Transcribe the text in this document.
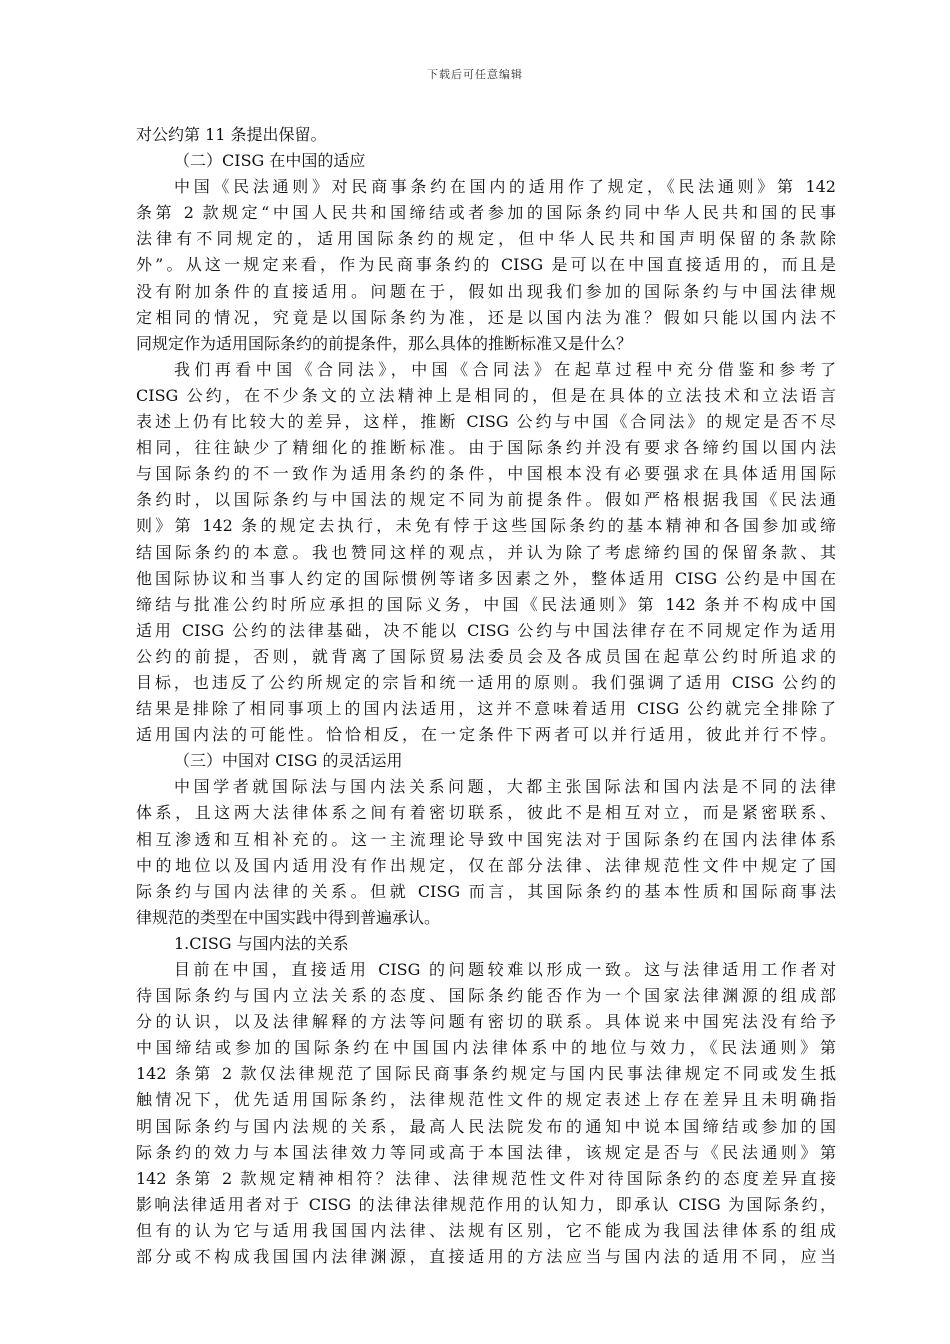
下载后可任意编辑
对公约第 11 条提出保留。
（二）CISG 在中国的适应
中国《民法通则》对民商事条约在国内的适用作了规定，《民法通则》第 142
条第 2 款规定“中国人民共和国缔结或者参加的国际条约同中华人民共和国的民事
法律有不同规定的，适用国际条约的规定，但中华人民共和国声明保留的条款除
外”。从这一规定来看，作为民商事条约的 CISG 是可以在中国直接适用的，而且是
没有附加条件的直接适用。问题在于，假如出现我们参加的国际条约与中国法律规
定相同的情况，究竟是以国际条约为准，还是以国内法为准？假如只能以国内法不
同规定作为适用国际条约的前提条件，那么具体的推断标准又是什么？
我们再看中国《合同法》，中国《合同法》在起草过程中充分借鉴和参考了
CISG 公约，在不少条文的立法精神上是相同的，但是在具体的立法技术和立法语言
表述上仍有比较大的差异，这样，推断 CISG 公约与中国《合同法》的规定是否不尽
相同，往往缺少了精细化的推断标准。由于国际条约并没有要求各缔约国以国内法
与国际条约的不一致作为适用条约的条件，中国根本没有必要强求在具体适用国际
条约时，以国际条约与中国法的规定不同为前提条件。假如严格根据我国《民法通
则》第 142 条的规定去执行，未免有悖于这些国际条约的基本精神和各国参加或缔
结国际条约的本意。我也赞同这样的观点，并认为除了考虑缔约国的保留条款、其
他国际协议和当事人约定的国际惯例等诸多因素之外，整体适用 CISG 公约是中国在
缔结与批准公约时所应承担的国际义务，中国《民法通则》第 142 条并不构成中国
适用 CISG 公约的法律基础，决不能以 CISG 公约与中国法律存在不同规定作为适用
公约的前提，否则，就背离了国际贸易法委员会及各成员国在起草公约时所追求的
目标，也违反了公约所规定的宗旨和统一适用的原则。我们强调了适用 CISG 公约的
结果是排除了相同事项上的国内法适用，这并不意味着适用 CISG 公约就完全排除了
适用国内法的可能性。恰恰相反，在一定条件下两者可以并行适用，彼此并行不悖。
（三）中国对 CISG 的灵活运用
中国学者就国际法与国内法关系问题，大都主张国际法和国内法是不同的法律
体系，且这两大法律体系之间有着密切联系，彼此不是相互对立，而是紧密联系、
相互渗透和互相补充的。这一主流理论导致中国宪法对于国际条约在国内法律体系
中的地位以及国内适用没有作出规定，仅在部分法律、法律规范性文件中规定了国
际条约与国内法律的关系。但就 CISG 而言，其国际条约的基本性质和国际商事法
律规范的类型在中国实践中得到普遍承认。
1.CISG 与国内法的关系
目前在中国，直接适用 CISG 的问题较难以形成一致。这与法律适用工作者对
待国际条约与国内立法关系的态度、国际条约能否作为一个国家法律渊源的组成部
分的认识，以及法律解释的方法等问题有密切的联系。具体说来中国宪法没有给予
中国缔结或参加的国际条约在中国国内法律体系中的地位与效力，《民法通则》第
142 条第 2 款仅法律规范了国际民商事条约规定与国内民事法律规定不同或发生抵
触情况下，优先适用国际条约，法律规范性文件的规定表述上存在差异且未明确指
明国际条约与国内法规的关系，最高人民法院发布的通知中说本国缔结或参加的国
际条约的效力与本国法律效力等同或高于本国法律，该规定是否与《民法通则》第
142 条第 2 款规定精神相符？法律、法律规范性文件对待国际条约的态度差异直接
影响法律适用者对于 CISG 的法律法律规范作用的认知力，即承认 CISG 为国际条约，
但有的认为它与适用我国国内法律、法规有区别，它不能成为我国法律体系的组成
部分或不构成我国国内法律渊源，直接适用的方法应当与国内法的适用不同，应当
